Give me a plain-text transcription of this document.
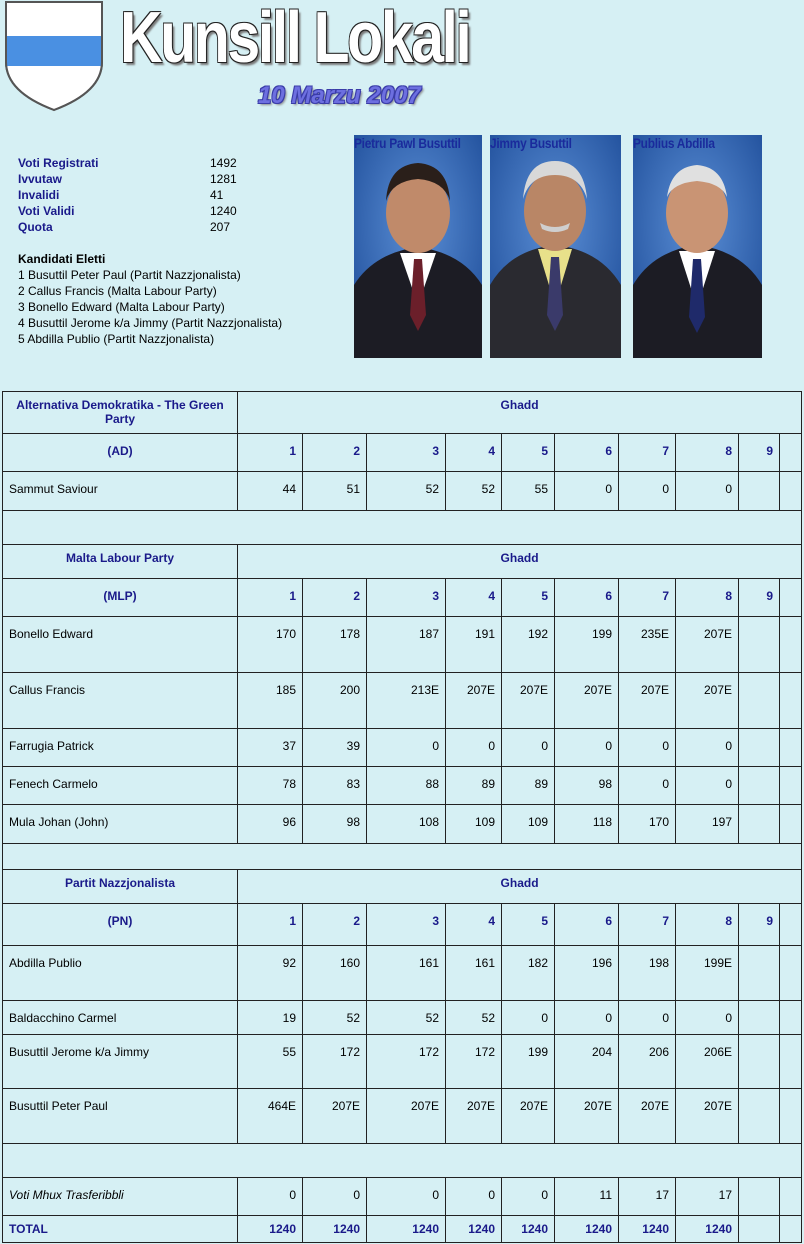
Kunsill Lokali
10 Marzu 2007
Voti Registrati	1492
Ivvutaw	1281
Invalidi	41
Voti Validi	1240
Quota	207
Kandidati Eletti
1 Busuttil Peter Paul (Partit Nazzjonalista)
2 Callus Francis (Malta Labour Party)
3 Bonello Edward (Malta Labour Party)
4 Busuttil Jerome k/a Jimmy (Partit Nazzjonalista)
5 Abdilla Publio (Partit Nazzjonalista)
Pietru Pawl Busuttil Jimmy Busuttil	Publius Abdilla
Alternativa Demokratika - The Green Party	Ghadd									
(AD)	1	2	3	4	5	6	7	8	9	
Sammut Saviour	44	51	52	52	55	0	0	0		

Malta Labour Party	Ghadd									
(MLP)	1	2	3	4	5	6	7	8	9	
Bonello Edward	170	178	187	191	192	199	235E	207E		
Callus Francis	185	200	213E	207E	207E	207E	207E	207E		
Farrugia Patrick	37	39	0	0	0	0	0	0		
Fenech Carmelo	78	83	88	89	89	98	0	0		
Mula Johan (John)	96	98	108	109	109	118	170	197		

Partit Nazzjonalista	Ghadd									
(PN)	1	2	3	4	5	6	7	8	9	
Abdilla Publio	92	160	161	161	182	196	198	199E		
Baldacchino Carmel	19	52	52	52	0	0	0	0		
Busuttil Jerome k/a Jimmy	55	172	172	172	199	204	206	206E		
Busuttil Peter Paul	464E	207E	207E	207E	207E	207E	207E	207E		

Voti Mhux Trasferibbli	0	0	0	0	0	11	17	17		
TOTAL	1240	1240	1240	1240	1240	1240	1240	1240		
